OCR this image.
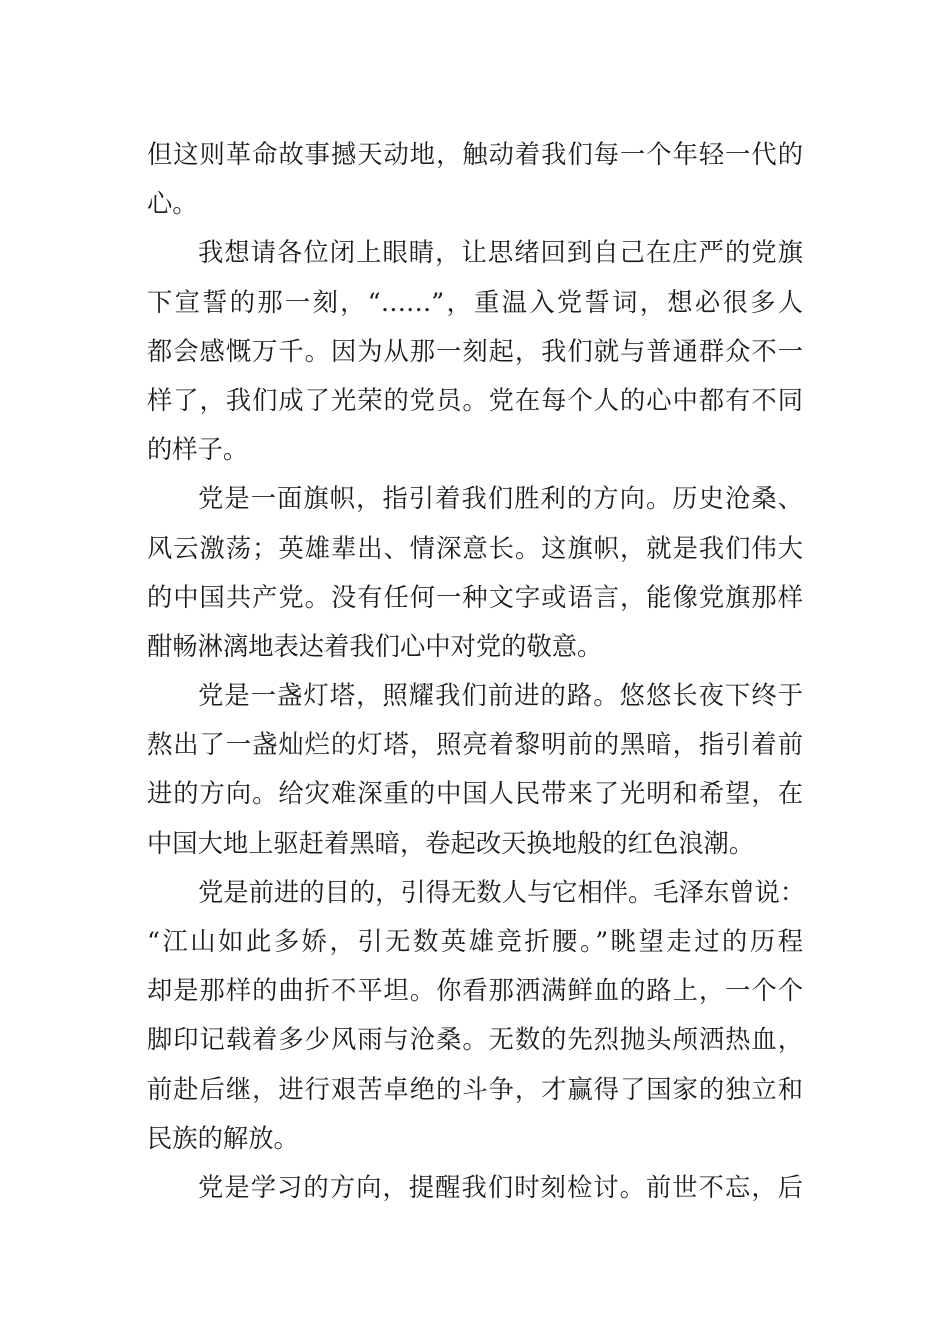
但这则革命故事撼天动地，触动着我们每一个年轻一代的
心。
我想请各位闭上眼睛，让思绪回到自己在庄严的党旗
下宣誓的那一刻，“……”，重温入党誓词，想必很多人
都会感慨万千。因为从那一刻起，我们就与普通群众不一
样了，我们成了光荣的党员。党在每个人的心中都有不同
的样子。
党是一面旗帜，指引着我们胜利的方向。历史沧桑、
风云激荡；英雄辈出、情深意长。这旗帜，就是我们伟大
的中国共产党。没有任何一种文字或语言，能像党旗那样
酣畅淋漓地表达着我们心中对党的敬意。
党是一盏灯塔，照耀我们前进的路。悠悠长夜下终于
熬出了一盏灿烂的灯塔，照亮着黎明前的黑暗，指引着前
进的方向。给灾难深重的中国人民带来了光明和希望，在
中国大地上驱赶着黑暗，卷起改天换地般的红色浪潮。
党是前进的目的，引得无数人与它相伴。毛泽东曾说：
“江山如此多娇，引无数英雄竞折腰。”眺望走过的历程
却是那样的曲折不平坦。你看那洒满鲜血的路上，一个个
脚印记载着多少风雨与沧桑。无数的先烈抛头颅洒热血，
前赴后继，进行艰苦卓绝的斗争，才赢得了国家的独立和
民族的解放。
党是学习的方向，提醒我们时刻检讨。前世不忘，后
